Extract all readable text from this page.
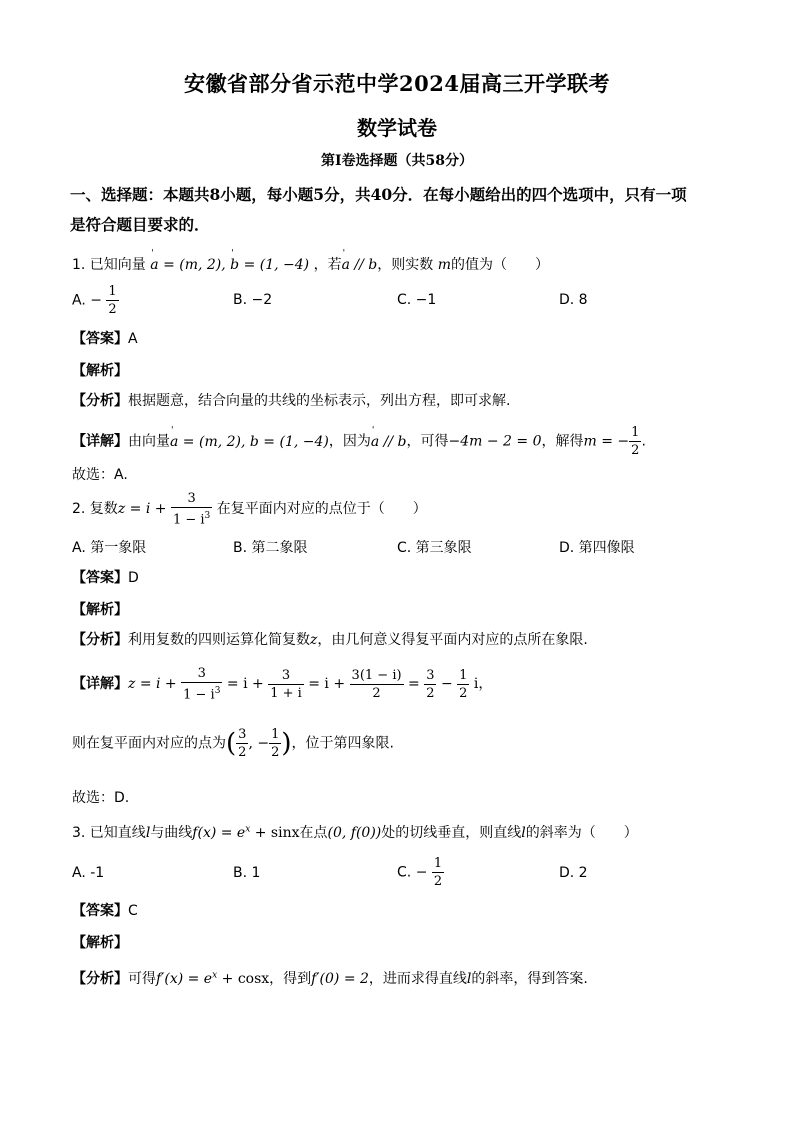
安徽省部分省示范中学2024届高三开学联考
数学试卷
第Ⅰ卷选择题（共58分）
一、选择题：本题共8小题，每小题5分，共40分．在每小题给出的四个选项中，只有一项
是符合题目要求的．
1. 已知向量 ' a = (m, 2), ' b = (1, −4) ，若' a // b，则实数 m的值为（　　）
A. − $\frac{1}{2}$	B. −2	C. −1	D. 8
【答案】A
【解析】
【分析】根据题意，结合向量的共线的坐标表示，列出方程，即可求解.
【详解】由向量' a = (m, 2), b = (1, −4)，因为' a // b，可得−4m − 2 = 0，解得m = − $\frac{1}{2}$ .
故选：A.
2. 复数$z = i + \frac{3}{1 - i^3}$ 在复平面内对应的点位于（　　）
A. 第一象限	B. 第二象限	C. 第三象限	D. 第四像限
【答案】D
【解析】
【分析】利用复数的四则运算化简复数z，由几何意义得复平面内对应的点所在象限.
【详解】$z = i + \frac{3}{1 - i^3} = i + \frac{3}{1 + i} = i + \frac{3(1 - i)}{2} = \frac{3}{2} - \frac{1}{2}$ i，
则在复平面内对应的点为( $\frac{3}{2}$ , − $\frac{1}{2}$ )，位于第四象限.
故选：D.
3. 已知直线l与曲线$f(x) = e^x + \sin x$在点(0, f(0))处的切线垂直，则直线l的斜率为（　　）
A. -1	B. 1	C. − $\frac{1}{2}$	D. 2
【答案】C
【解析】
【分析】可得$f'(x) = e^x + \cos x$，得到f′(0) = 2，进而求得直线l的斜率，得到答案.
